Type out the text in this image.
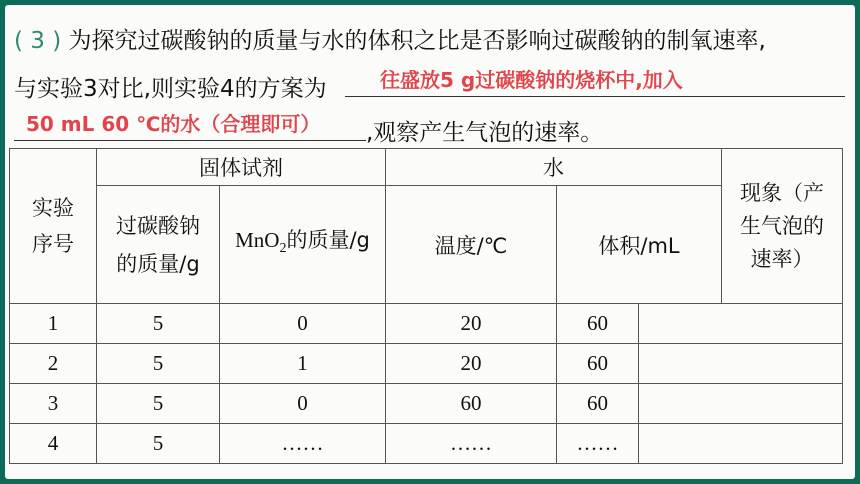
( 3 ) 为探究过碳酸钠的质量与水的体积之比是否影响过碳酸钠的制氧速率,
与实验3对比,则实验4的方案为	往盛放5 g过碳酸钠的烧杯中,加入
50 mL 60 ℃的水（合理即可） ,观察产生气泡的速率。
实验序号	固体试剂		水			现象（产生气泡的速率）

	过碳酸钠的质量/g	MnO$_2$的质量/g	温度/℃	体积/mL		
1	5	0	20	60		
2	5	1	20	60		
3	5	0	60	60		
4	5	……	……	……		
